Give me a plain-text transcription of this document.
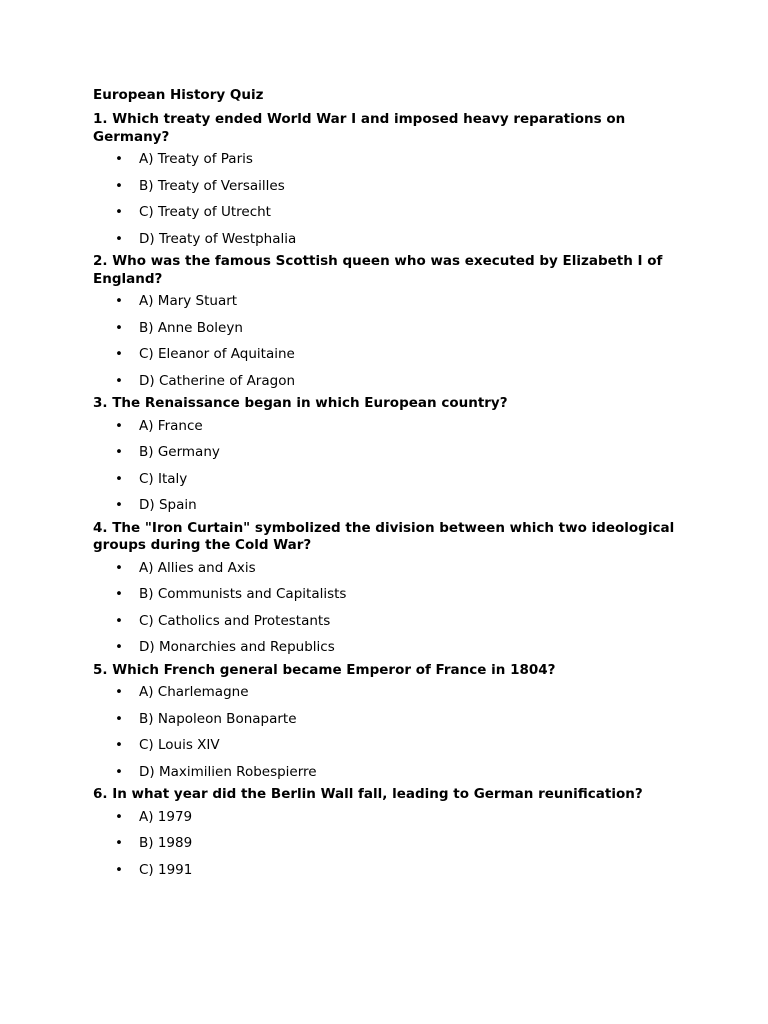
European History Quiz
1. Which treaty ended World War I and imposed heavy reparations on Germany?
• A) Treaty of Paris
• B) Treaty of Versailles
• C) Treaty of Utrecht
• D) Treaty of Westphalia
2. Who was the famous Scottish queen who was executed by Elizabeth I of England?
• A) Mary Stuart
• B) Anne Boleyn
• C) Eleanor of Aquitaine
• D) Catherine of Aragon
3. The Renaissance began in which European country?
• A) France
• B) Germany
• C) Italy
• D) Spain
4. The "Iron Curtain" symbolized the division between which two ideological groups during the Cold War?
• A) Allies and Axis
• B) Communists and Capitalists
• C) Catholics and Protestants
• D) Monarchies and Republics
5. Which French general became Emperor of France in 1804?
• A) Charlemagne
• B) Napoleon Bonaparte
• C) Louis XIV
• D) Maximilien Robespierre
6. In what year did the Berlin Wall fall, leading to German reunification?
• A) 1979
• B) 1989
• C) 1991
